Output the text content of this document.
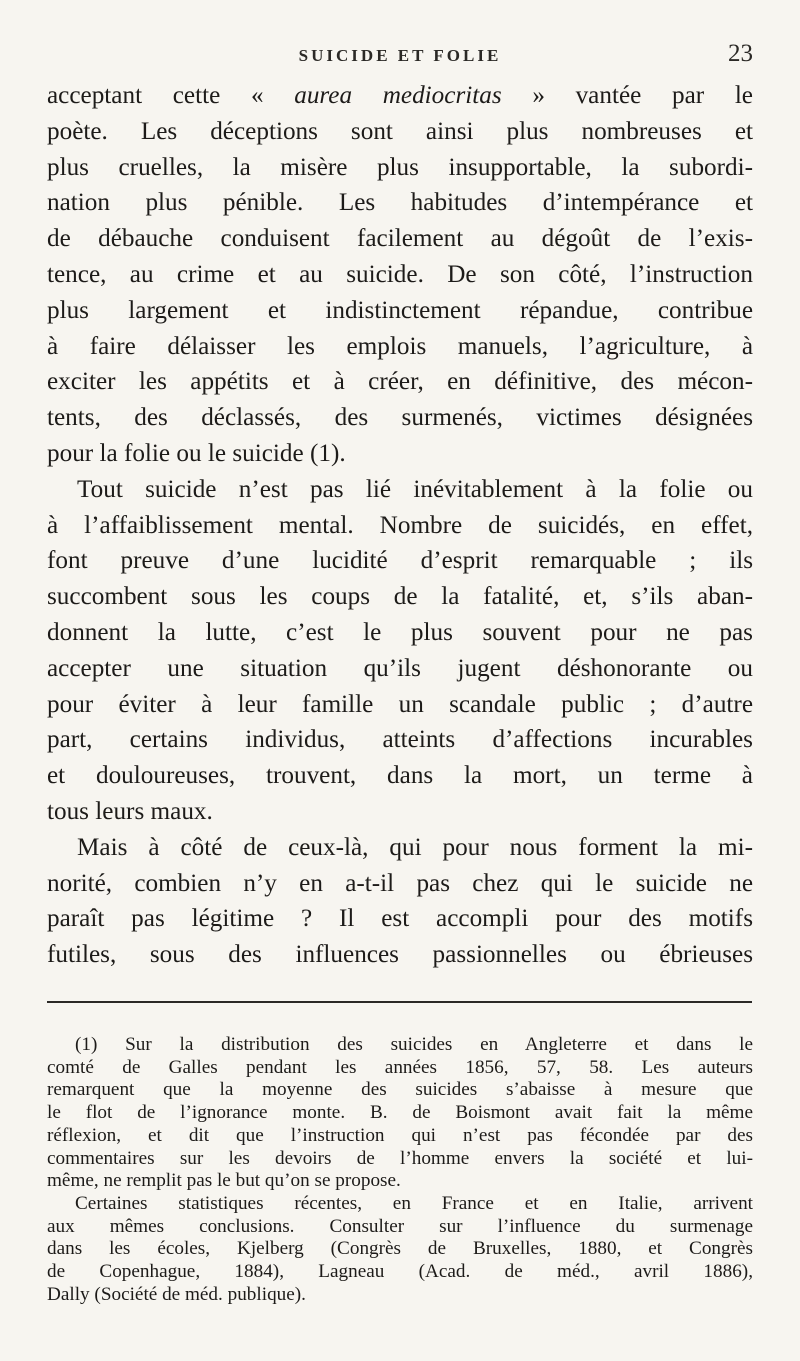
SUICIDE ET FOLIE	23

acceptant cette « aurea mediocritas » vantée par le
poète. Les déceptions sont ainsi plus nombreuses et
plus cruelles, la misère plus insupportable, la subordi-
nation plus pénible. Les habitudes d’intempérance et
de débauche conduisent facilement au dégoût de l’exis-
tence, au crime et au suicide. De son côté, l’instruction
plus largement et indistinctement répandue, contribue
à faire délaisser les emplois manuels, l’agriculture, à
exciter les appétits et à créer, en définitive, des mécon-
tents, des déclassés, des surmenés, victimes désignées
pour la folie ou le suicide (1).

Tout suicide n’est pas lié inévitablement à la folie ou
à l’affaiblissement mental. Nombre de suicidés, en effet,
font preuve d’une lucidité d’esprit remarquable ; ils
succombent sous les coups de la fatalité, et, s’ils aban-
donnent la lutte, c’est le plus souvent pour ne pas
accepter une situation qu’ils jugent déshonorante ou
pour éviter à leur famille un scandale public ; d’autre
part, certains individus, atteints d’affections incurables
et douloureuses, trouvent, dans la mort, un terme à
tous leurs maux.

Mais à côté de ceux-là, qui pour nous forment la mi-
norité, combien n’y en a-t-il pas chez qui le suicide ne
paraît pas légitime ? Il est accompli pour des motifs
futiles, sous des influences passionnelles ou ébrieuses

(1) Sur la distribution des suicides en Angleterre et dans le
comté de Galles pendant les années 1856, 57, 58. Les auteurs
remarquent que la moyenne des suicides s’abaisse à mesure que
le flot de l’ignorance monte. B. de Boismont avait fait la même
réflexion, et dit que l’instruction qui n’est pas fécondée par des
commentaires sur les devoirs de l’homme envers la société et lui-
même, ne remplit pas le but qu’on se propose.
Certaines statistiques récentes, en France et en Italie, arrivent
aux mêmes conclusions. Consulter sur l’influence du surmenage
dans les écoles, Kjelberg (Congrès de Bruxelles, 1880, et Congrès
de Copenhague, 1884), Lagneau (Acad. de méd., avril 1886),
Dally (Société de méd. publique).
